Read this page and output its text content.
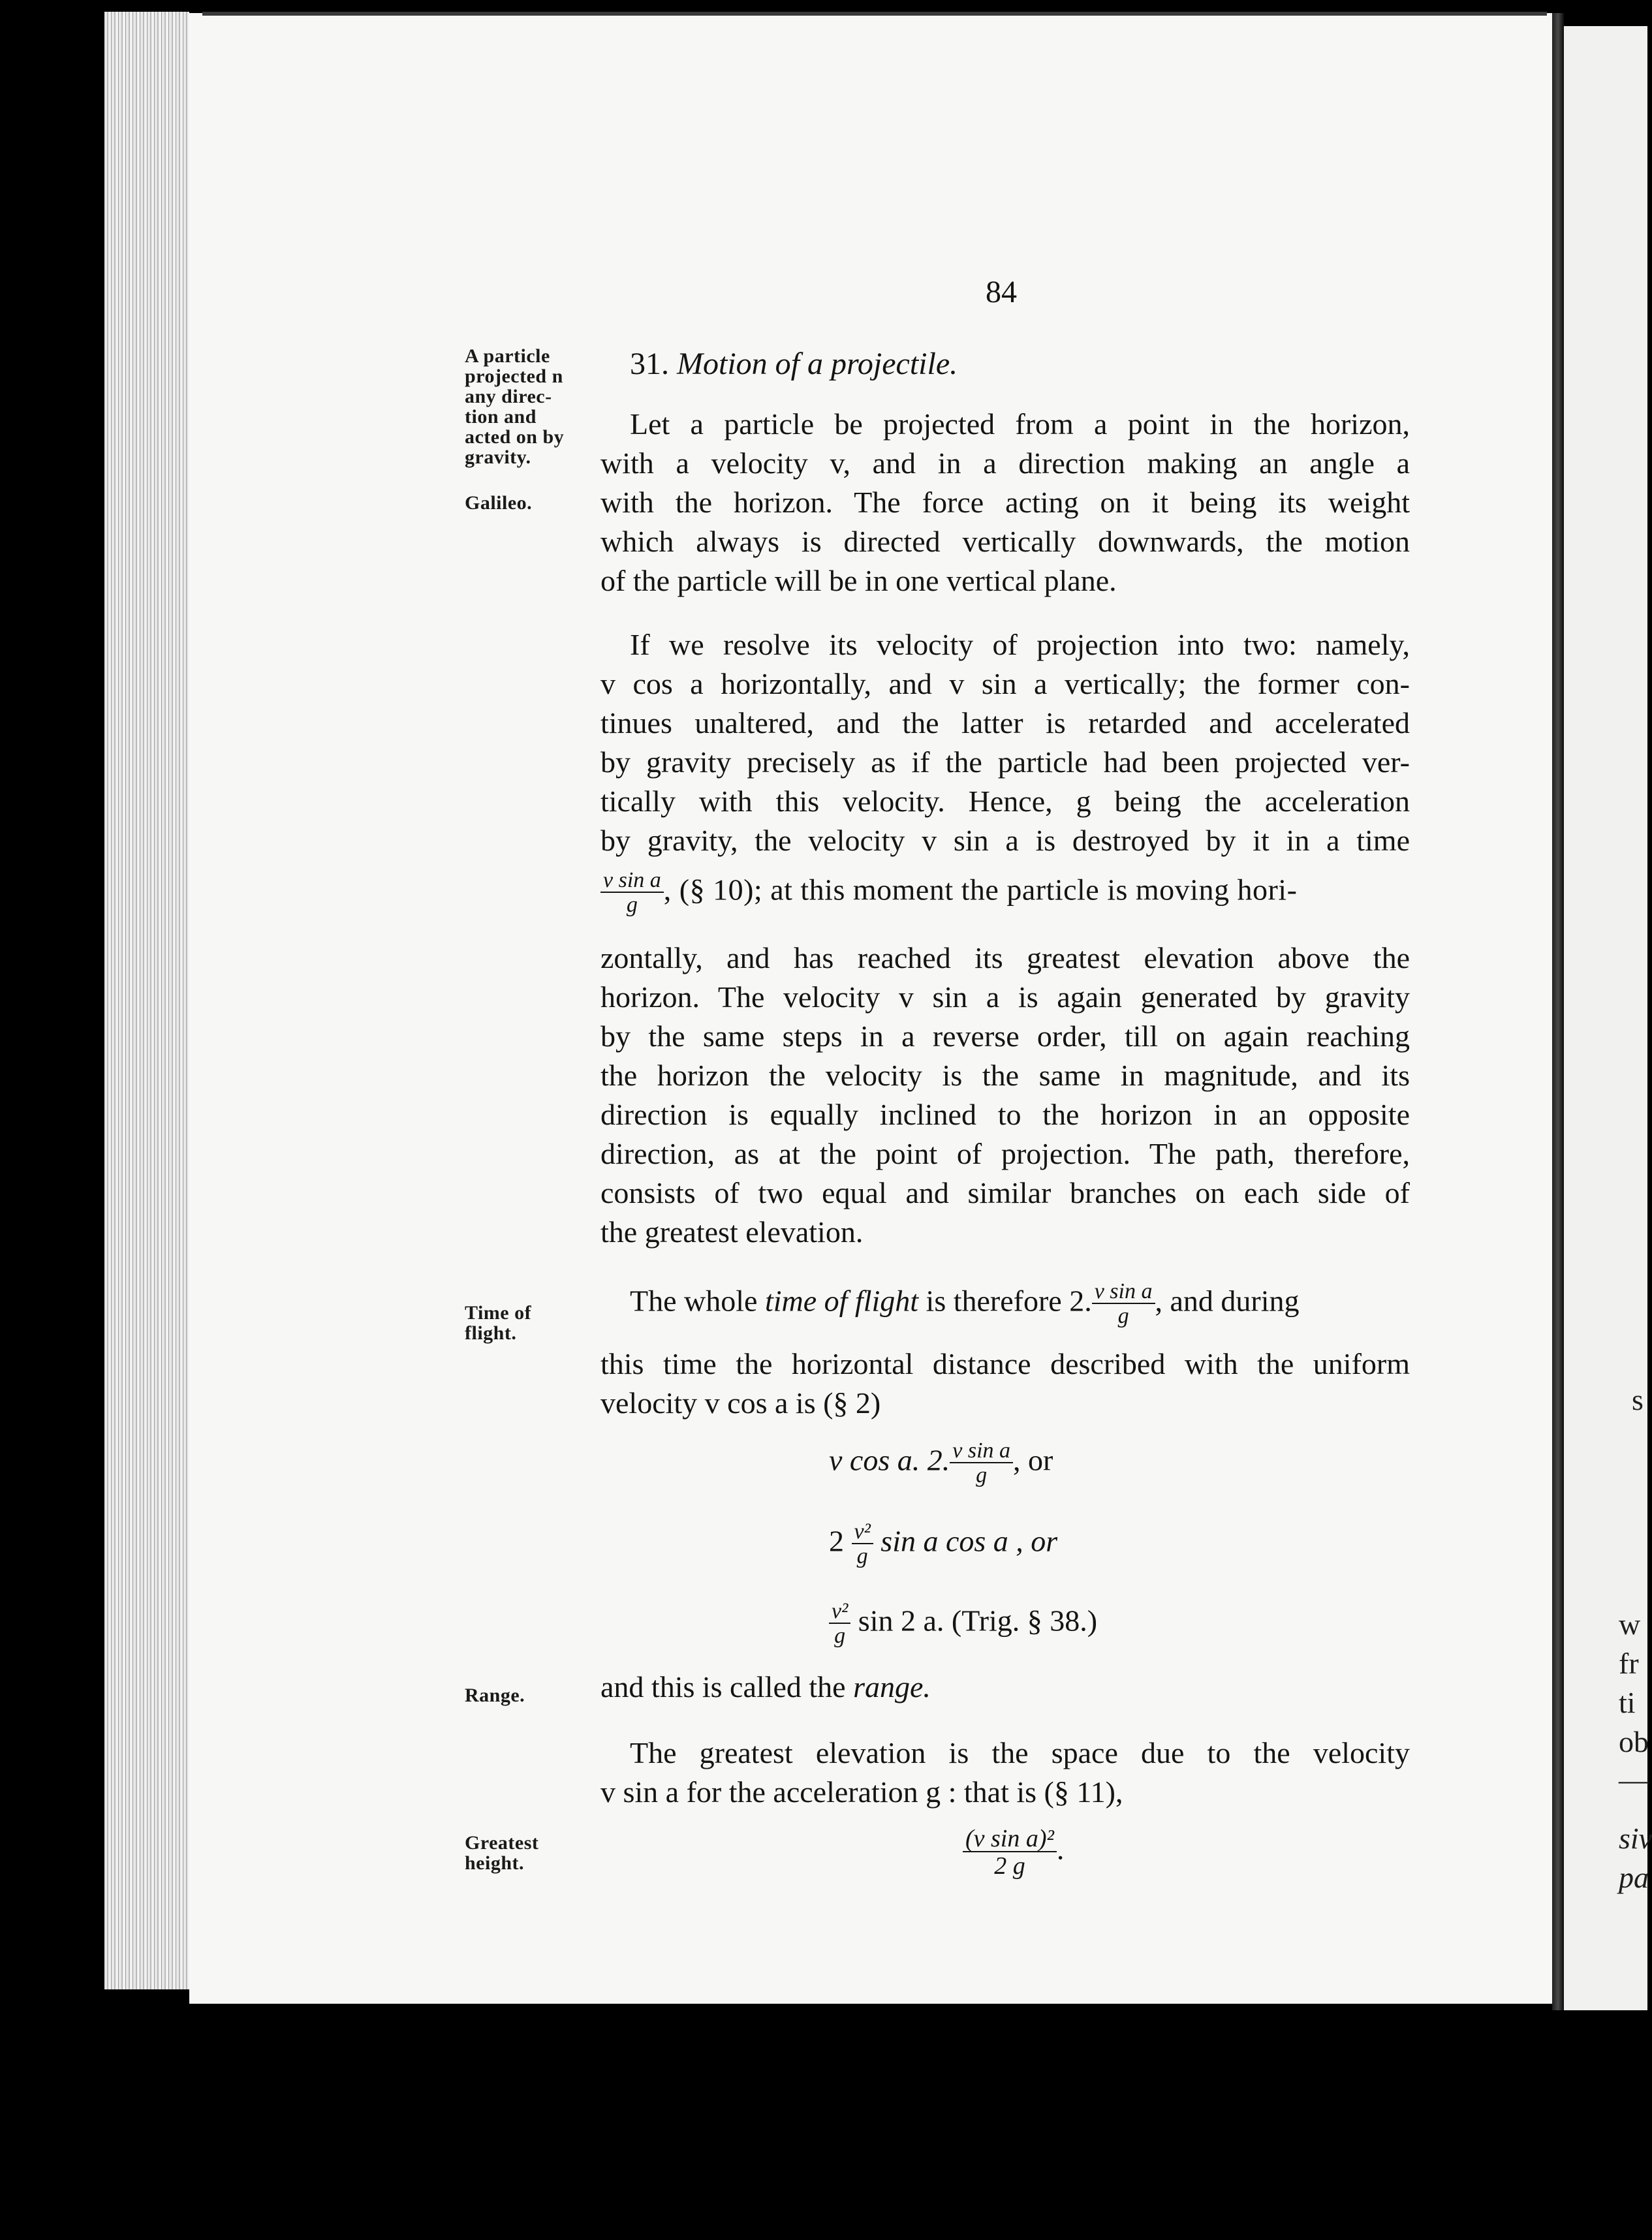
s
w
fr
ti
ob
—
siv
pa
84
A particle
projected n
any direc-
tion and
acted on by
gravity.
Galileo.
Time of
flight.
Range.
Greatest
height.
31. Motion of a projectile.
Let a particle be projected from a point in the horizon,
with a velocity v, and in a direction making an angle a
with the horizon. The force acting on it being its weight
which always is directed vertically downwards, the motion
of the particle will be in one vertical plane.
If we resolve its velocity of projection into two: namely,
v cos a horizontally, and v sin a vertically; the former con-
tinues unaltered, and the latter is retarded and accelerated
by gravity precisely as if the particle had been projected ver-
tically with this velocity. Hence, g being the acceleration
by gravity, the velocity v sin a is destroyed by it in a time
$\frac{\text{v sin a}}{g}$ , (§ 10); at this moment the particle is moving hori-
zontally, and has reached its greatest elevation above the
horizon. The velocity v sin a is again generated by gravity
by the same steps in a reverse order, till on again reaching
the horizon the velocity is the same in magnitude, and its
direction is equally inclined to the horizon in an opposite
direction, as at the point of projection. The path, therefore,
consists of two equal and similar branches on each side of
the greatest elevation.
The whole time of flight is therefore 2. $\frac{\text{v sin a}}{g}$ , and during
this time the horizontal distance described with the uniform
velocity v cos a is (§ 2)
v cos a. 2. $\frac{\text{v sin a}}{g}$ , or
$2 \frac{\text{v²}}{g}$ sin a cos a , or
$\frac{\text{v²}}{g}$ sin 2 a. (Trig. § 38.)
and this is called the range.
The greatest elevation is the space due to the velocity
v sin a for the acceleration g : that is (§ 11),
$\frac{\text{(v sin a)²}}{2 g}$ .
